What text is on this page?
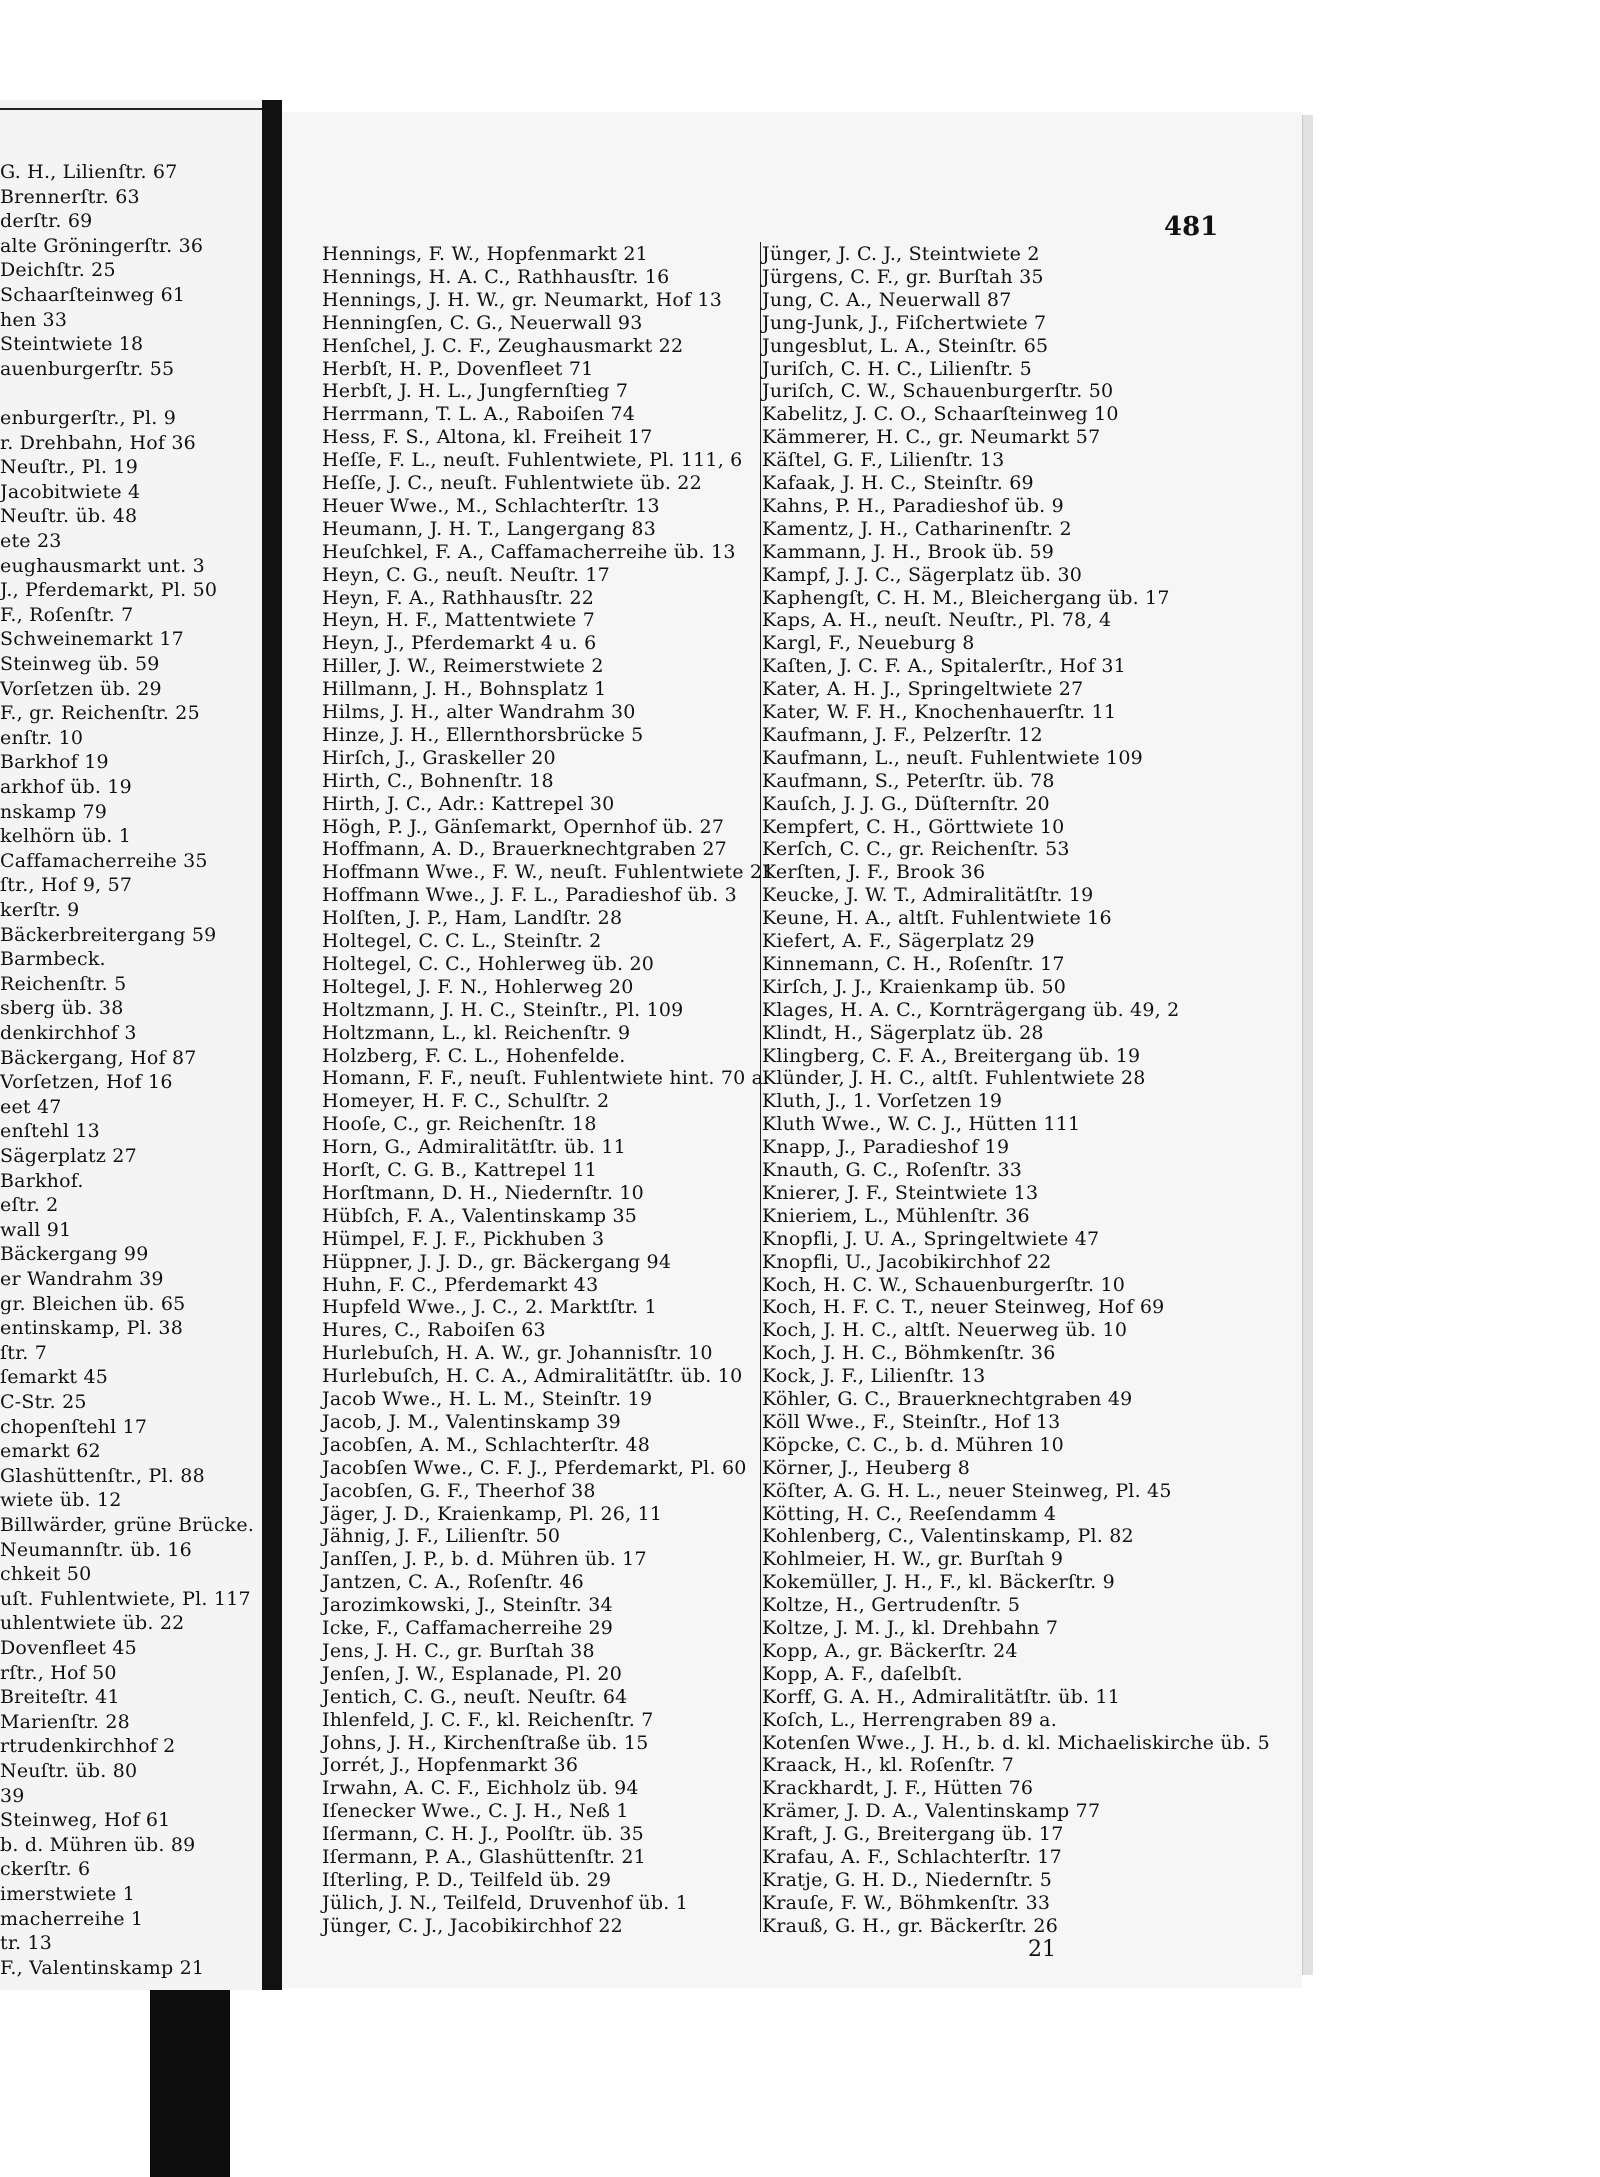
G. H., Lilienſtr. 67
Brennerſtr. 63
derſtr. 69
alte Gröningerſtr. 36
Deichſtr. 25
Schaarſteinweg 61
hen 33
Steintwiete 18
auenburgerſtr. 55
enburgerſtr., Pl. 9
r. Drehbahn, Hof 36
Neuſtr., Pl. 19
Jacobitwiete 4
Neuſtr. üb. 48
ete 23
eughausmarkt unt. 3
J., Pferdemarkt, Pl. 50
F., Roſenſtr. 7
Schweinemarkt 17
Steinweg üb. 59
Vorſetzen üb. 29
F., gr. Reichenſtr. 25
enſtr. 10
Barkhof 19
arkhof üb. 19
nskamp 79
kelhörn üb. 1
Caffamacherreihe 35
ſtr., Hof 9, 57
kerſtr. 9
Bäckerbreitergang 59
Barmbeck.
Reichenſtr. 5
sberg üb. 38
denkirchhof 3
Bäckergang, Hof 87
Vorſetzen, Hof 16
eet 47
enſtehl 13
Sägerplatz 27
Barkhof.
eſtr. 2
wall 91
Bäckergang 99
er Wandrahm 39
gr. Bleichen üb. 65
entinskamp, Pl. 38
ſtr. 7
ſemarkt 45
C-Str. 25
chopenſtehl 17
emarkt 62
Glashüttenſtr., Pl. 88
wiete üb. 12
Billwärder, grüne Brücke.
Neumannſtr. üb. 16
chkeit 50
uſt. Fuhlentwiete, Pl. 117
uhlentwiete üb. 22
Dovenfleet 45
rſtr., Hof 50
Breiteſtr. 41
Marienſtr. 28
rtrudenkirchhof 2
Neuſtr. üb. 80
39
Steinweg, Hof 61
b. d. Mühren üb. 89
ckerſtr. 6
imerstwiete 1
macherreihe 1
tr. 13
F., Valentinskamp 21
481
Hennings, F. W., Hopfenmarkt 21
Hennings, H. A. C., Rathhausſtr. 16
Hennings, J. H. W., gr. Neumarkt, Hof 13
Henningſen, C. G., Neuerwall 93
Henſchel, J. C. F., Zeughausmarkt 22
Herbſt, H. P., Dovenfleet 71
Herbſt, J. H. L., Jungfernſtieg 7
Herrmann, T. L. A., Raboiſen 74
Hess, F. S., Altona, kl. Freiheit 17
Heſſe, F. L., neuſt. Fuhlentwiete, Pl. 111, 6
Heſſe, J. C., neuſt. Fuhlentwiete üb. 22
Heuer Wwe., M., Schlachterſtr. 13
Heumann, J. H. T., Langergang 83
Heuſchkel, F. A., Caffamacherreihe üb. 13
Heyn, C. G., neuſt. Neuſtr. 17
Heyn, F. A., Rathhausſtr. 22
Heyn, H. F., Mattentwiete 7
Heyn, J., Pferdemarkt 4 u. 6
Hiller, J. W., Reimerstwiete 2
Hillmann, J. H., Bohnsplatz 1
Hilms, J. H., alter Wandrahm 30
Hinze, J. H., Ellernthorsbrücke 5
Hirſch, J., Graskeller 20
Hirth, C., Bohnenſtr. 18
Hirth, J. C., Adr.: Kattrepel 30
Högh, P. J., Gänſemarkt, Opernhof üb. 27
Hoffmann, A. D., Brauerknechtgraben 27
Hoffmann Wwe., F. W., neuſt. Fuhlentwiete 21
Hoffmann Wwe., J. F. L., Paradieshof üb. 3
Holſten, J. P., Ham, Landſtr. 28
Holtegel, C. C. L., Steinſtr. 2
Holtegel, C. C., Hohlerweg üb. 20
Holtegel, J. F. N., Hohlerweg 20
Holtzmann, J. H. C., Steinſtr., Pl. 109
Holtzmann, L., kl. Reichenſtr. 9
Holzberg, F. C. L., Hohenfelde.
Homann, F. F., neuſt. Fuhlentwiete hint. 70 a.
Homeyer, H. F. C., Schulſtr. 2
Hooſe, C., gr. Reichenſtr. 18
Horn, G., Admiralitätſtr. üb. 11
Horſt, C. G. B., Kattrepel 11
Horſtmann, D. H., Niedernſtr. 10
Hübſch, F. A., Valentinskamp 35
Hümpel, F. J. F., Pickhuben 3
Hüppner, J. J. D., gr. Bäckergang 94
Huhn, F. C., Pferdemarkt 43
Hupfeld Wwe., J. C., 2. Marktſtr. 1
Hures, C., Raboiſen 63
Hurlebuſch, H. A. W., gr. Johannisſtr. 10
Hurlebuſch, H. C. A., Admiralitätſtr. üb. 10
Jacob Wwe., H. L. M., Steinſtr. 19
Jacob, J. M., Valentinskamp 39
Jacobſen, A. M., Schlachterſtr. 48
Jacobſen Wwe., C. F. J., Pferdemarkt, Pl. 60
Jacobſen, G. F., Theerhof 38
Jäger, J. D., Kraienkamp, Pl. 26, 11
Jähnig, J. F., Lilienſtr. 50
Janſſen, J. P., b. d. Mühren üb. 17
Jantzen, C. A., Roſenſtr. 46
Jarozimkowski, J., Steinſtr. 34
Icke, F., Caffamacherreihe 29
Jens, J. H. C., gr. Burſtah 38
Jenſen, J. W., Esplanade, Pl. 20
Jentich, C. G., neuſt. Neuſtr. 64
Ihlenfeld, J. C. F., kl. Reichenſtr. 7
Johns, J. H., Kirchenſtraße üb. 15
Jorrét, J., Hopfenmarkt 36
Irwahn, A. C. F., Eichholz üb. 94
Iſenecker Wwe., C. J. H., Neß 1
Iſermann, C. H. J., Poolſtr. üb. 35
Iſermann, P. A., Glashüttenſtr. 21
Iſterling, P. D., Teilfeld üb. 29
Jülich, J. N., Teilfeld, Druvenhof üb. 1
Jünger, C. J., Jacobikirchhof 22
Jünger, J. C. J., Steintwiete 2
Jürgens, C. F., gr. Burſtah 35
Jung, C. A., Neuerwall 87
Jung-Junk, J., Fiſchertwiete 7
Jungesblut, L. A., Steinſtr. 65
Juriſch, C. H. C., Lilienſtr. 5
Juriſch, C. W., Schauenburgerſtr. 50
Kabelitz, J. C. O., Schaarſteinweg 10
Kämmerer, H. C., gr. Neumarkt 57
Käſtel, G. F., Lilienſtr. 13
Kafaak, J. H. C., Steinſtr. 69
Kahns, P. H., Paradieshof üb. 9
Kamentz, J. H., Catharinenſtr. 2
Kammann, J. H., Brook üb. 59
Kampf, J. J. C., Sägerplatz üb. 30
Kaphengſt, C. H. M., Bleichergang üb. 17
Kaps, A. H., neuſt. Neuſtr., Pl. 78, 4
Kargl, F., Neueburg 8
Kaſten, J. C. F. A., Spitalerſtr., Hof 31
Kater, A. H. J., Springeltwiete 27
Kater, W. F. H., Knochenhauerſtr. 11
Kaufmann, J. F., Pelzerſtr. 12
Kaufmann, L., neuſt. Fuhlentwiete 109
Kaufmann, S., Peterſtr. üb. 78
Kauſch, J. J. G., Düſternſtr. 20
Kempfert, C. H., Görttwiete 10
Kerſch, C. C., gr. Reichenſtr. 53
Kerſten, J. F., Brook 36
Keucke, J. W. T., Admiralitätſtr. 19
Keune, H. A., altſt. Fuhlentwiete 16
Kiefert, A. F., Sägerplatz 29
Kinnemann, C. H., Roſenſtr. 17
Kirſch, J. J., Kraienkamp üb. 50
Klages, H. A. C., Kornträgergang üb. 49, 2
Klindt, H., Sägerplatz üb. 28
Klingberg, C. F. A., Breitergang üb. 19
Klünder, J. H. C., altſt. Fuhlentwiete 28
Kluth, J., 1. Vorſetzen 19
Kluth Wwe., W. C. J., Hütten 111
Knapp, J., Paradieshof 19
Knauth, G. C., Roſenſtr. 33
Knierer, J. F., Steintwiete 13
Knieriem, L., Mühlenſtr. 36
Knopfli, J. U. A., Springeltwiete 47
Knopfli, U., Jacobikirchhof 22
Koch, H. C. W., Schauenburgerſtr. 10
Koch, H. F. C. T., neuer Steinweg, Hof 69
Koch, J. H. C., altſt. Neuerweg üb. 10
Koch, J. H. C., Böhmkenſtr. 36
Kock, J. F., Lilienſtr. 13
Köhler, G. C., Brauerknechtgraben 49
Köll Wwe., F., Steinſtr., Hof 13
Köpcke, C. C., b. d. Mühren 10
Körner, J., Heuberg 8
Köſter, A. G. H. L., neuer Steinweg, Pl. 45
Kötting, H. C., Reeſendamm 4
Kohlenberg, C., Valentinskamp, Pl. 82
Kohlmeier, H. W., gr. Burſtah 9
Kokemüller, J. H., F., kl. Bäckerſtr. 9
Koltze, H., Gertrudenſtr. 5
Koltze, J. M. J., kl. Drehbahn 7
Kopp, A., gr. Bäckerſtr. 24
Kopp, A. F., daſelbſt.
Korff, G. A. H., Admiralitätſtr. üb. 11
Koſch, L., Herrengraben 89 a.
Kotenſen Wwe., J. H., b. d. kl. Michaeliskirche üb. 5
Kraack, H., kl. Roſenſtr. 7
Krackhardt, J. F., Hütten 76
Krämer, J. D. A., Valentinskamp 77
Kraft, J. G., Breitergang üb. 17
Krafau, A. F., Schlachterſtr. 17
Kratje, G. H. D., Niedernſtr. 5
Krauſe, F. W., Böhmkenſtr. 33
Krauß, G. H., gr. Bäckerſtr. 26
21
